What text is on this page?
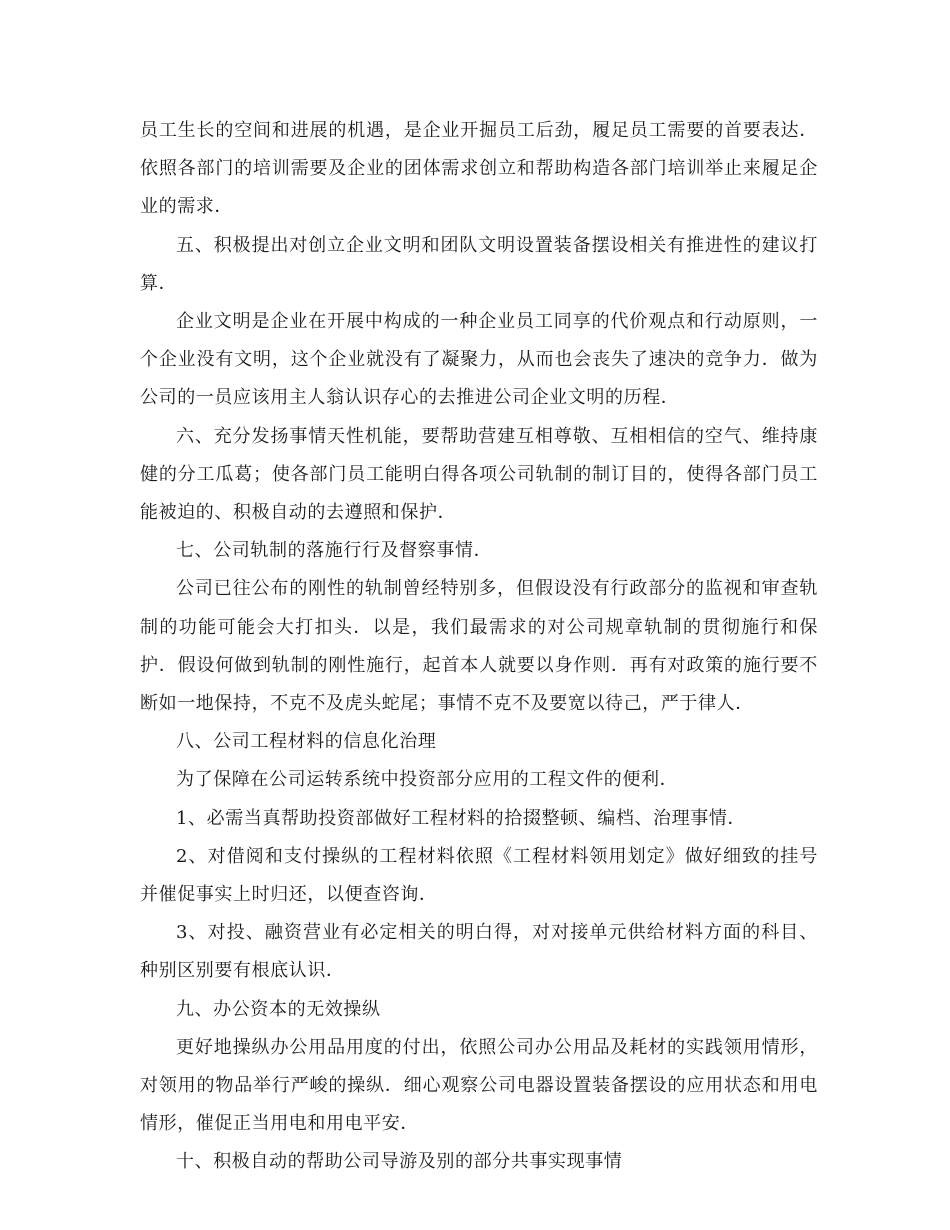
员工生长的空间和进展的机遇，是企业开掘员工后劲，履足员工需要的首要表达．依照各部门的培训需要及企业的团体需求创立和帮助构造各部门培训举止来履足企业的需求．

五、积极提出对创立企业文明和团队文明设置装备摆设相关有推进性的建议打算．

企业文明是企业在开展中构成的一种企业员工同享的代价观点和行动原则，一个企业没有文明，这个企业就没有了凝聚力，从而也会丧失了速决的竞争力．做为公司的一员应该用主人翁认识存心的去推进公司企业文明的历程．

六、充分发扬事情天性机能，要帮助营建互相尊敬、互相相信的空气、维持康健的分工瓜葛；使各部门员工能明白得各项公司轨制的制订目的，使得各部门员工能被迫的、积极自动的去遵照和保护．

七、公司轨制的落施行行及督察事情．

公司已往公布的刚性的轨制曾经特别多，但假设没有行政部分的监视和审查轨制的功能可能会大打扣头．以是，我们最需求的对公司规章轨制的贯彻施行和保护．假设何做到轨制的刚性施行，起首本人就要以身作则．再有对政策的施行要不断如一地保持，不克不及虎头蛇尾；事情不克不及要宽以待己，严于律人．

八、公司工程材料的信息化治理

为了保障在公司运转系统中投资部分应用的工程文件的便利．

1、必需当真帮助投资部做好工程材料的拾掇整顿、编档、治理事情．

2、对借阅和支付操纵的工程材料依照《工程材料领用划定》做好细致的挂号并催促事实上时归还，以便查咨询．

3、对投、融资营业有必定相关的明白得，对对接单元供给材料方面的科目、种别区别要有根底认识．

九、办公资本的无效操纵

更好地操纵办公用品用度的付出，依照公司办公用品及耗材的实践领用情形，对领用的物品举行严峻的操纵．细心观察公司电器设置装备摆设的应用状态和用电情形，催促正当用电和用电平安．

十、积极自动的帮助公司导游及别的部分共事实现事情
